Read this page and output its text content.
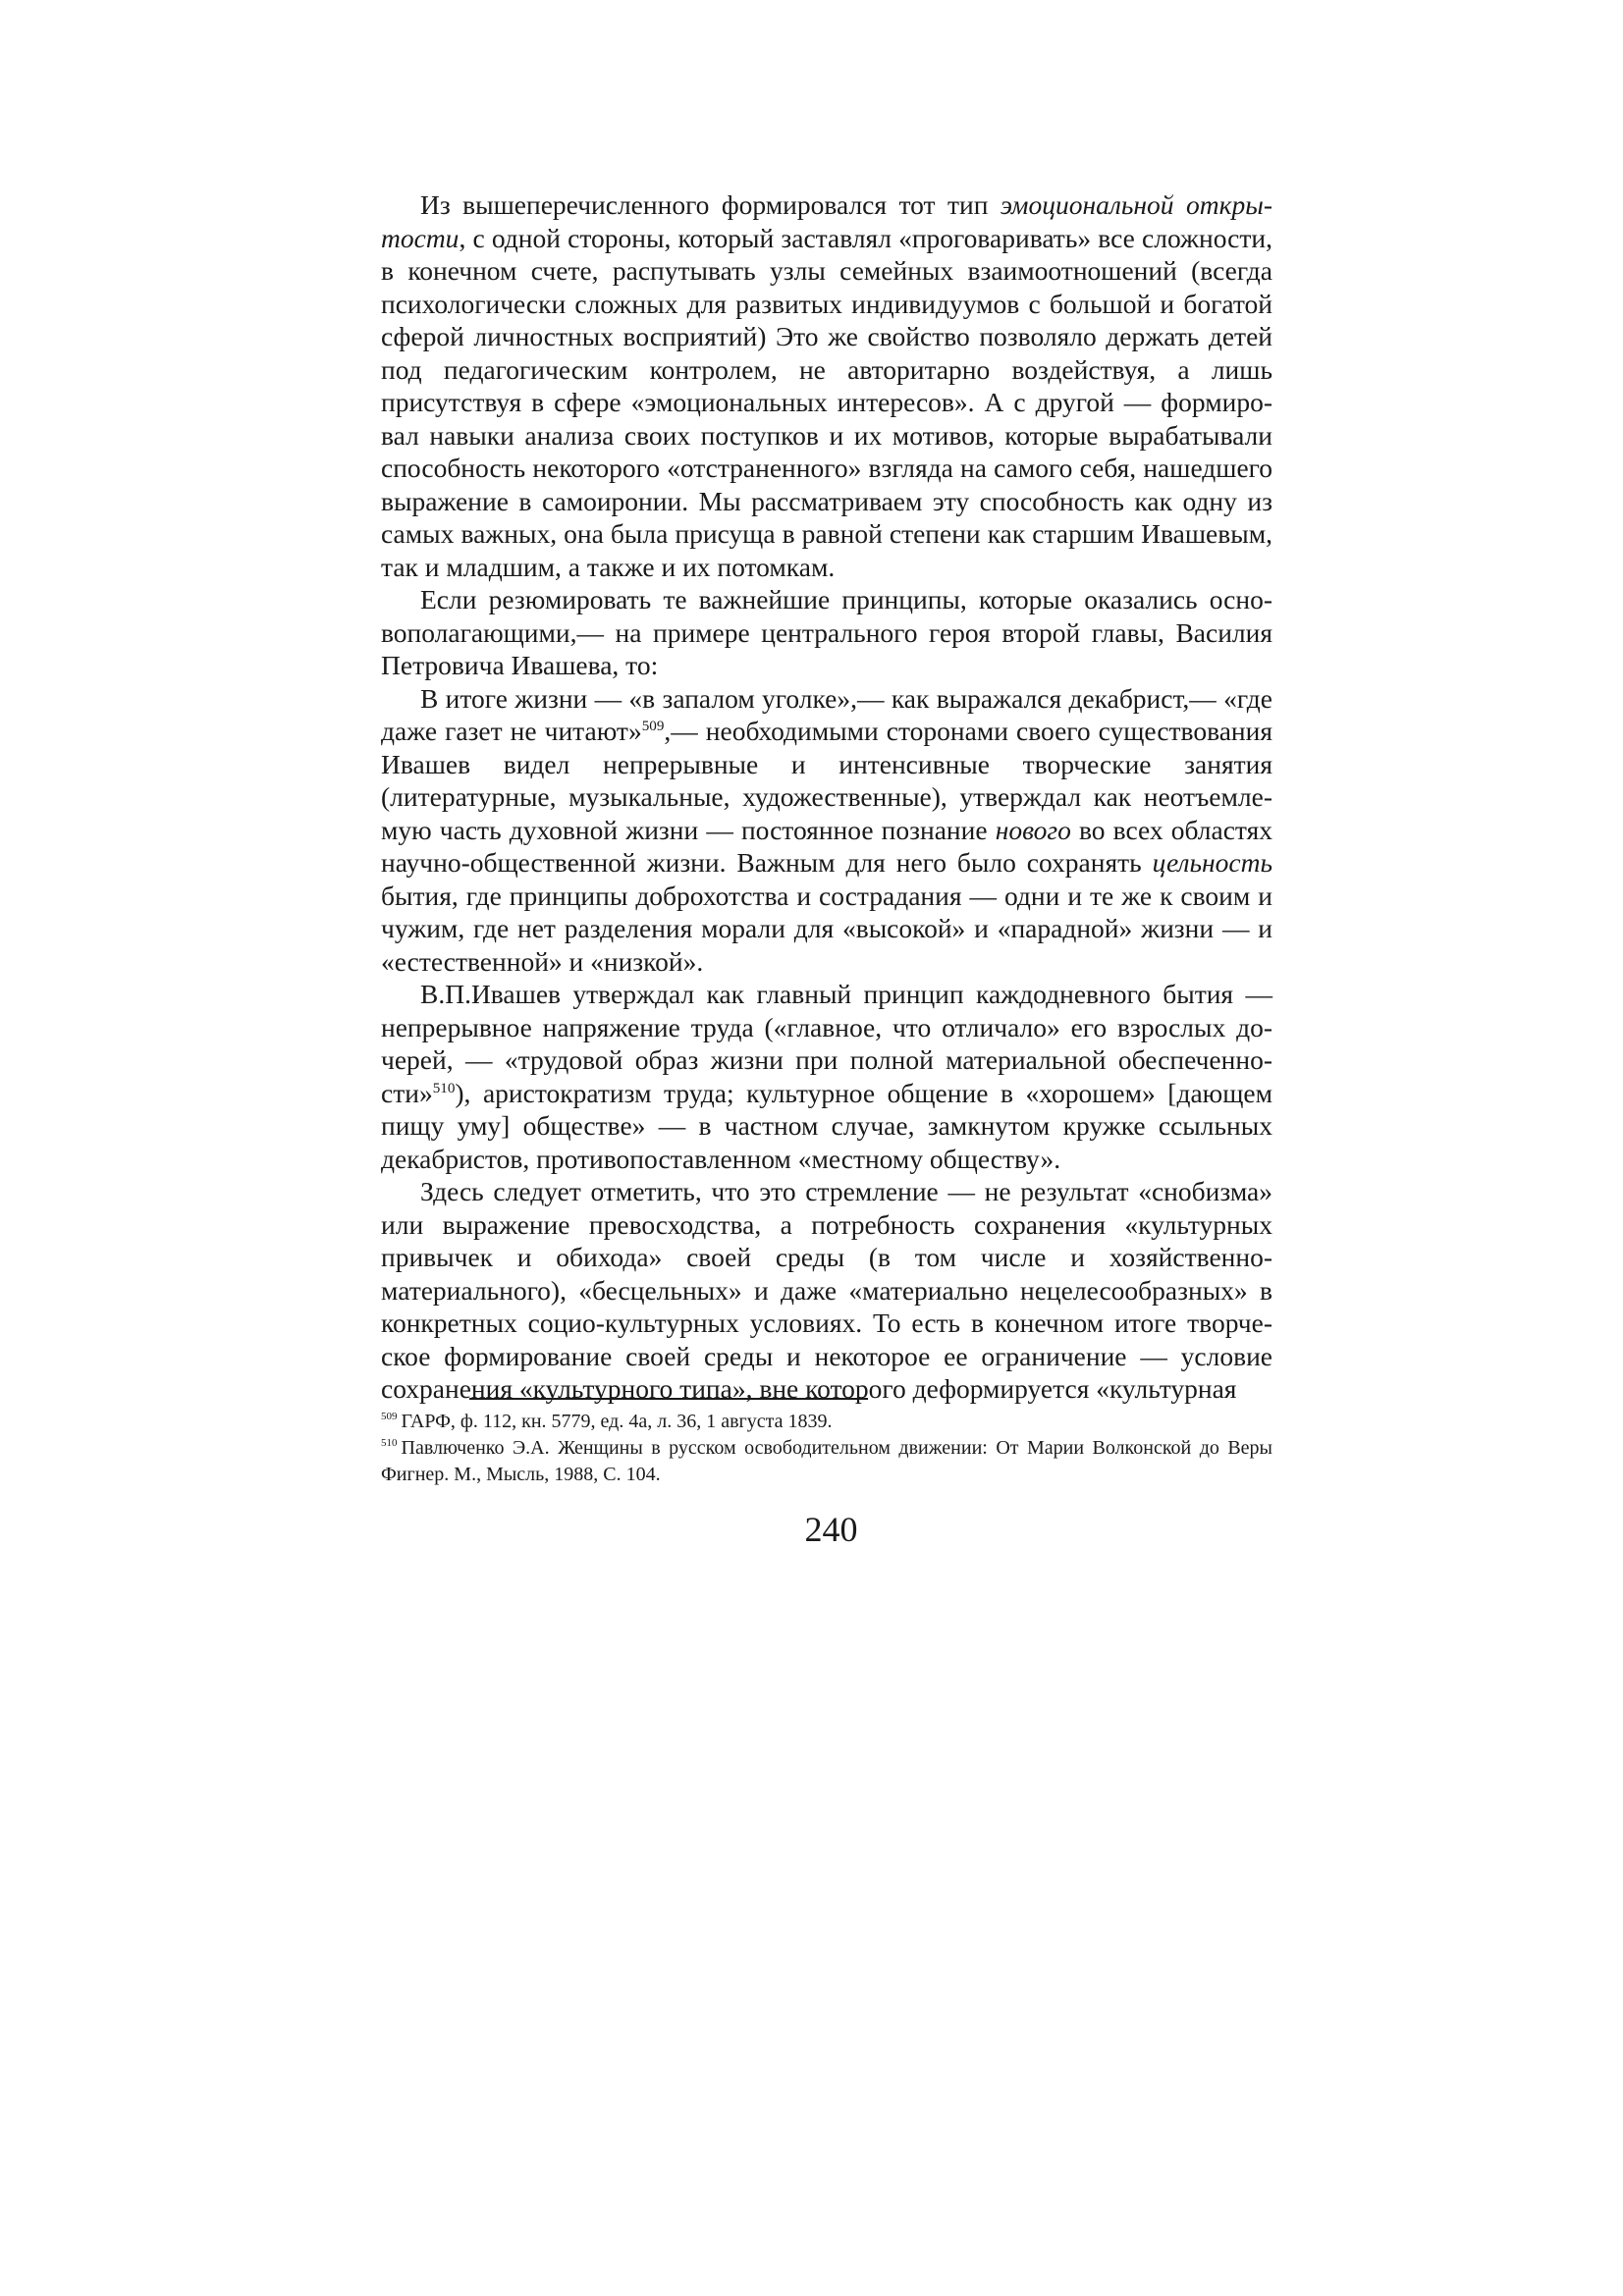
Из вышеперечисленного формировался тот тип эмоциональной открытости, с одной стороны, который заставлял «проговаривать» все сложности, в конечном счете, распутывать узлы семейных взаимоотношений (всегда психологически сложных для развитых индивидуумов с большой и богатой сферой личностных восприятий) Это же свойство позволяло держать детей под педагогическим контролем, не авторитарно воздействуя, а лишь присутствуя в сфере «эмоциональных интересов». А с другой — формировал навыки анализа своих поступков и их мотивов, которые вырабатывали способность некоторого «отстраненного» взгляда на самого себя, нашедшего выражение в самоиронии. Мы рассматриваем эту способность как одну из самых важных, она была присуща в равной степени как старшим Ивашeвым, так и младшим, а также и их потомкам.

Если резюмировать те важнейшие принципы, которые оказались основополагающими,— на примере центрального героя второй главы, Василия Петровича Ивашева, то:

В итоге жизни — «в запалом уголке»,— как выражался декабрист,— «где даже газет не читают»$^{509}$,— необходимыми сторонами своего существования Ивашев видел непрерывные и интенсивные творческие занятия (литературные, музыкальные, художественные), утверждал как неотъемлемую часть духовной жизни — постоянное познание нового во всех областях научно-общественной жизни. Важным для него было сохранять цельность бытия, где принципы доброхотства и сострадания — одни и те же к своим и чужим, где нет разделения морали для «высокой» и «парадной» жизни — и «естественной» и «низкой».

В.П.Ивашев утверждал как главный принцип каждодневного бытия — непрерывное напряжение труда («главное, что отличало» его взрослых дочерей, — «трудовой образ жизни при полной материальной обеспеченности»$^{510}$), аристократизм труда; культурное общение в «хорошем» [дающем пищу уму] обществе» — в частном случае, замкнутом кружке ссыльных декабристов, противопоставленном «местному обществу».

Здесь следует отметить, что это стремление — не результат «снобизма» или выражение превосходства, а потребность сохранения «культурных привычек и обихода» своей среды (в том числе и хозяйственно-материального), «бесцельных» и даже «материально нецелесообразных» в конкретных социо-культурных условиях. То есть в конечном итоге творческое формирование своей среды и некоторое ее ограничение — условие сохранения «культурного типа», вне которого деформируется «культурная

$^{509}$ ГАРФ, ф. 112, кн. 5779, ед. 4а, л. 36, 1 августа 1839.

$^{510}$ Павлюченко Э.А. Женщины в русском освободительном движении: От Марии Волконской до Веры Фигнер. М., Мысль, 1988, С. 104.

240
